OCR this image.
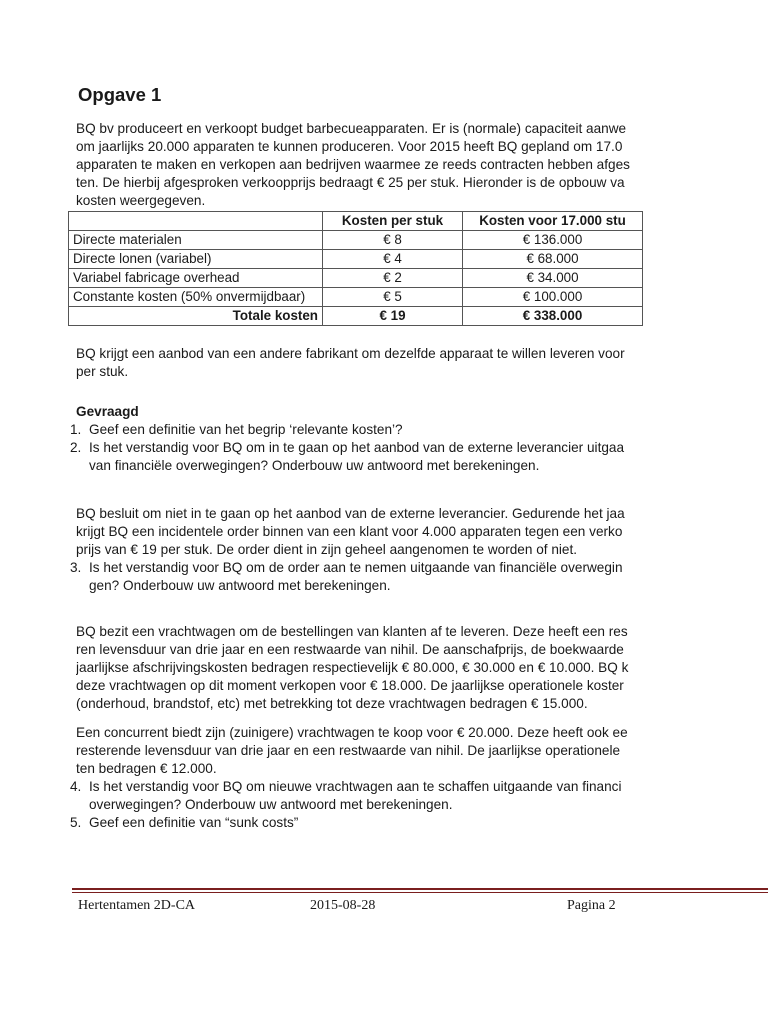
Opgave 1
BQ bv produceert en verkoopt budget barbecueapparaten. Er is (normale) capaciteit aanwe
om jaarlijks 20.000 apparaten te kunnen produceren. Voor 2015 heeft BQ gepland om 17.0
apparaten te maken en verkopen aan bedrijven waarmee ze reeds contracten hebben afges
ten. De hierbij afgesproken verkoopprijs bedraagt € 25 per stuk. Hieronder is de opbouw va
kosten weergegeven.
	Kosten per stuk	Kosten voor 17.000 stu
Directe materialen	€ 8	€ 136.000
Directe lonen (variabel)	€ 4	€ 68.000
Variabel fabricage overhead	€ 2	€ 34.000
Constante kosten (50% onvermijdbaar)	€ 5	€ 100.000
Totale kosten	€ 19	€ 338.000
BQ krijgt een aanbod van een andere fabrikant om dezelfde apparaat te willen leveren voor
per stuk.
Gevraagd
1. Geef een definitie van het begrip ‘relevante kosten’?
2. Is het verstandig voor BQ om in te gaan op het aanbod van de externe leverancier uitgaa
van financiële overwegingen? Onderbouw uw antwoord met berekeningen.
BQ besluit om niet in te gaan op het aanbod van de externe leverancier. Gedurende het jaa
krijgt BQ een incidentele order binnen van een klant voor 4.000 apparaten tegen een verko
prijs van € 19 per stuk. De order dient in zijn geheel aangenomen te worden of niet.
3. Is het verstandig voor BQ om de order aan te nemen uitgaande van financiële overwegin
gen? Onderbouw uw antwoord met berekeningen.
BQ bezit een vrachtwagen om de bestellingen van klanten af te leveren. Deze heeft een res
ren levensduur van drie jaar en een restwaarde van nihil. De aanschafprijs, de boekwaarde
jaarlijkse afschrijvingskosten bedragen respectievelijk € 80.000, € 30.000 en € 10.000. BQ k
deze vrachtwagen op dit moment verkopen voor € 18.000. De jaarlijkse operationele koster
(onderhoud, brandstof, etc) met betrekking tot deze vrachtwagen bedragen € 15.000.
Een concurrent biedt zijn (zuinigere) vrachtwagen te koop voor € 20.000. Deze heeft ook ee
resterende levensduur van drie jaar en een restwaarde van nihil. De jaarlijkse operationele
ten bedragen € 12.000.
4. Is het verstandig voor BQ om nieuwe vrachtwagen aan te schaffen uitgaande van financi
overwegingen? Onderbouw uw antwoord met berekeningen.
5. Geef een definitie van “sunk costs”
Hertentamen 2D-CA	2015-08-28	Pagina 2
